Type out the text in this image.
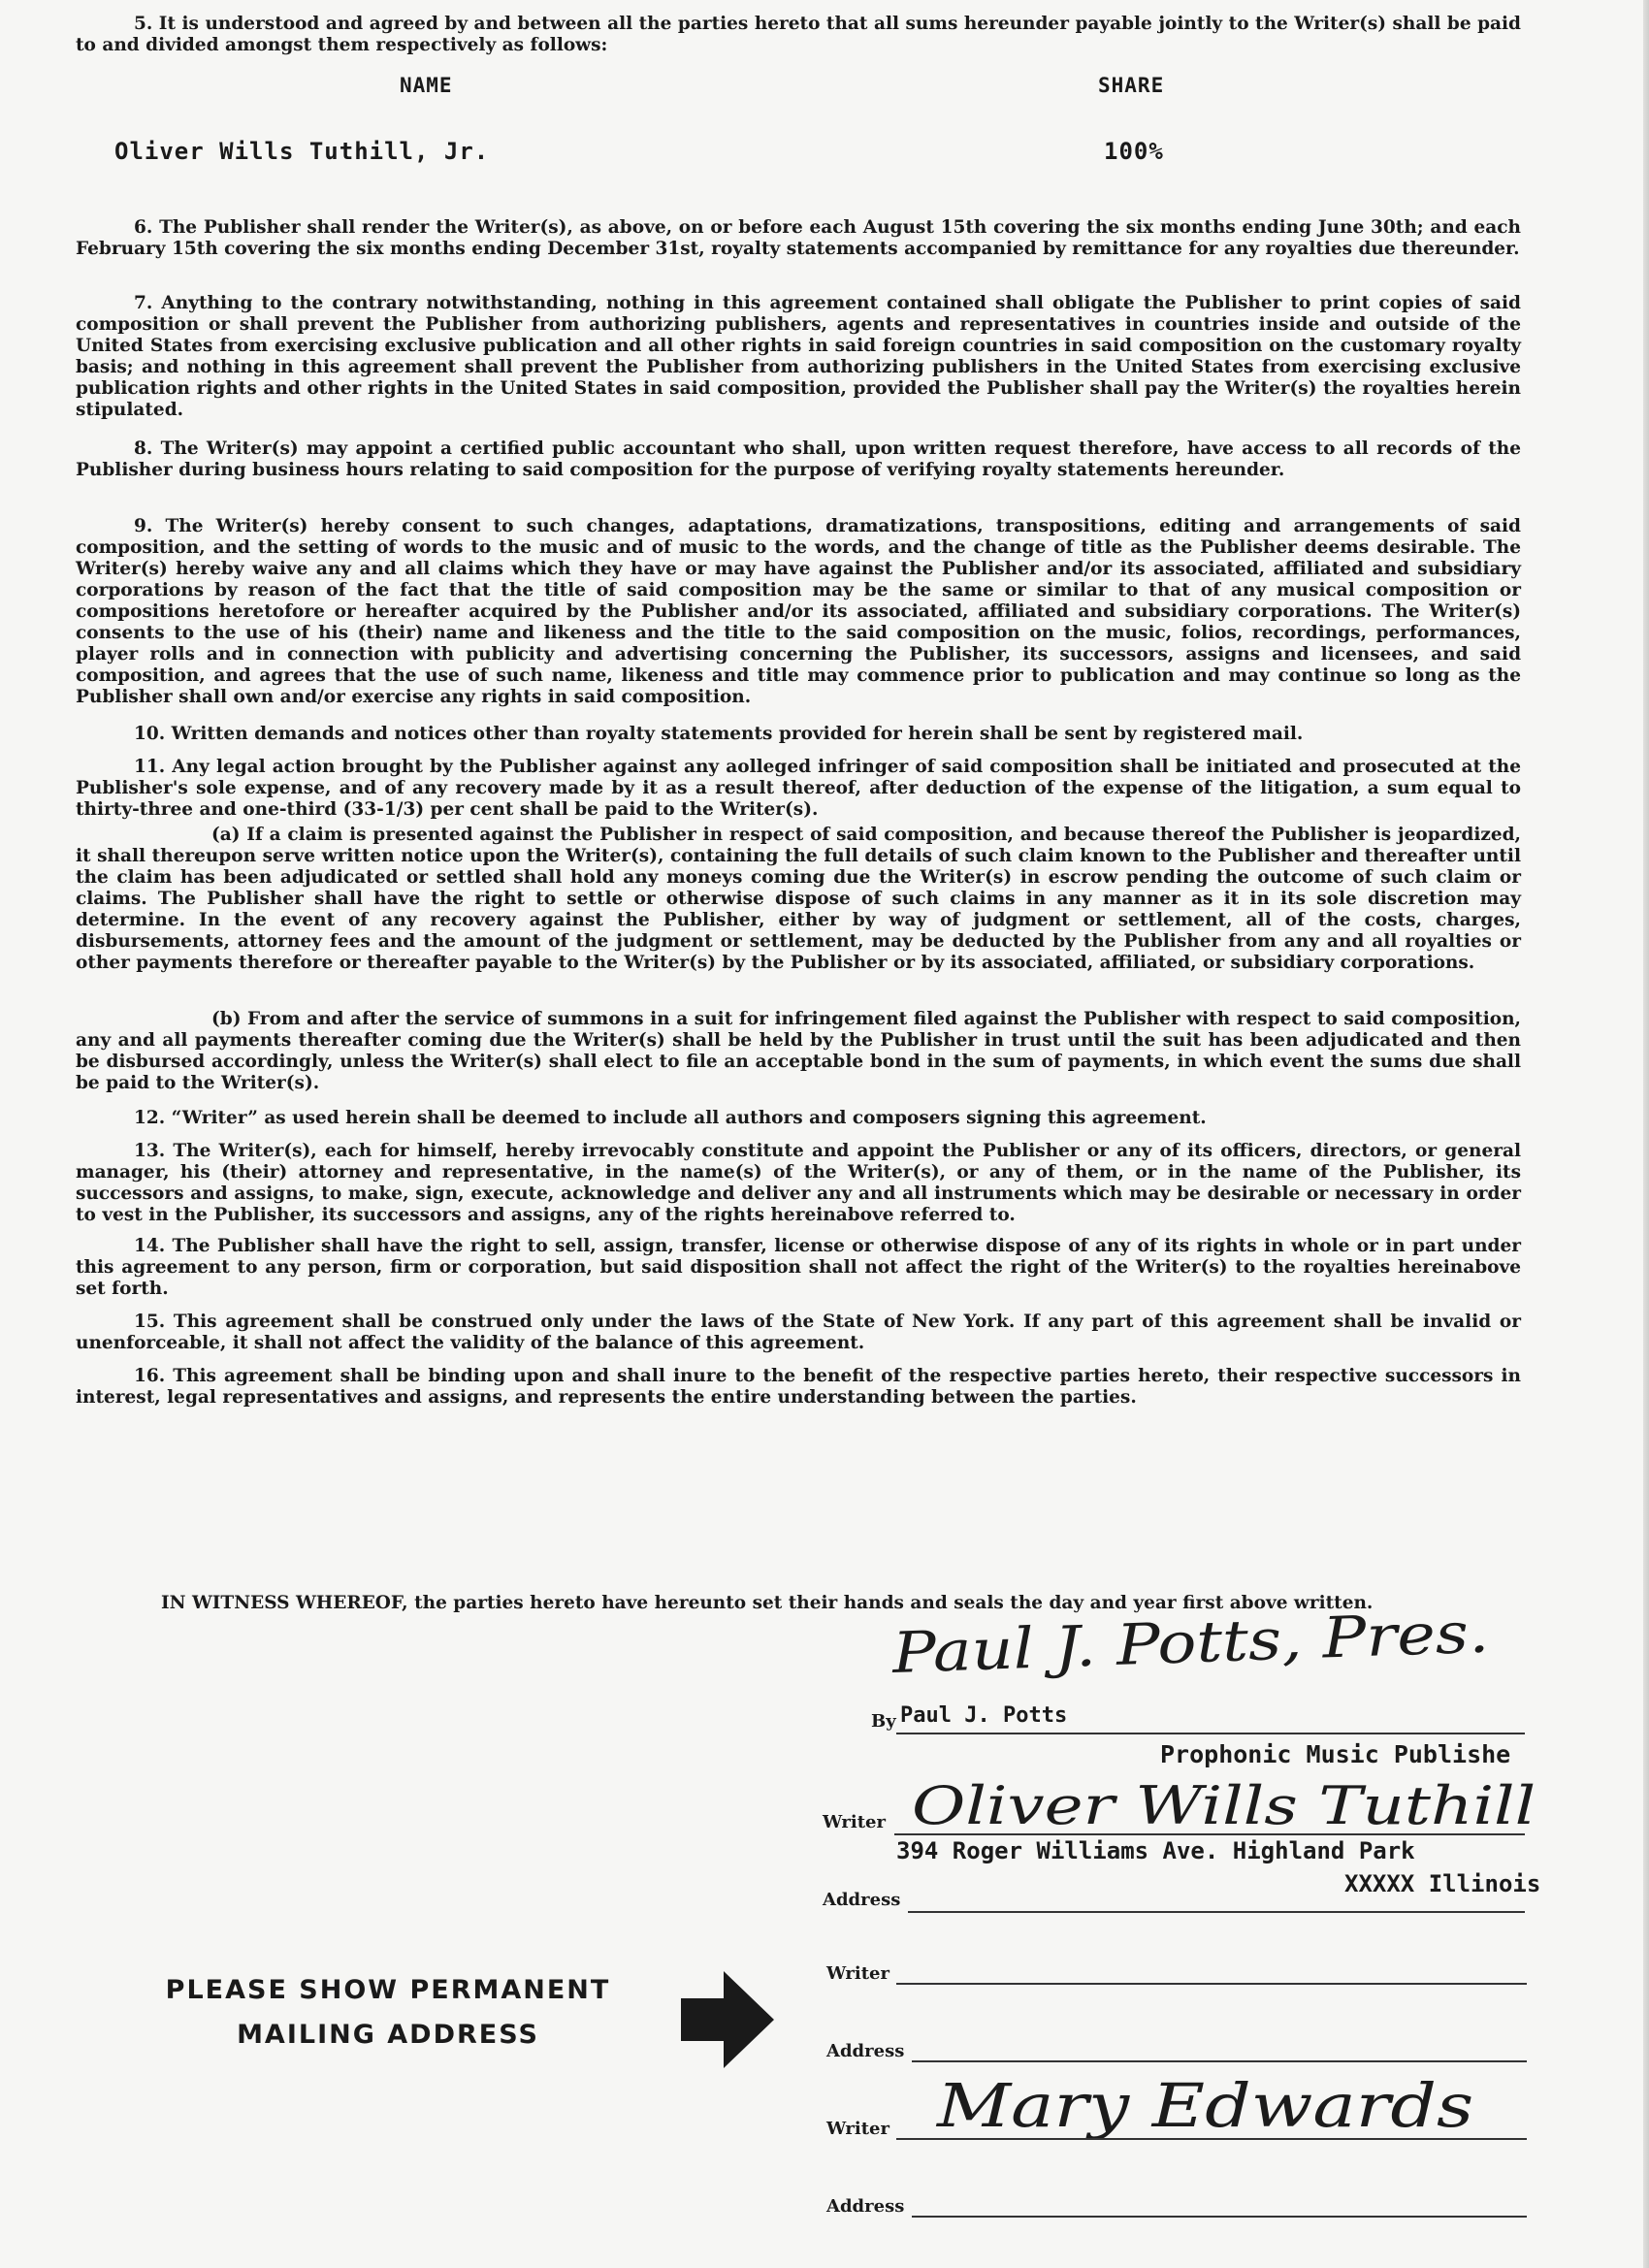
5. It is understood and agreed by and between all the parties hereto that all sums hereunder payable jointly to the Writer(s) shall be paid to and divided amongst them respectively as follows:

NAME	SHARE
Oliver Wills Tuthill, Jr.	100%

6. The Publisher shall render the Writer(s), as above, on or before each August 15th covering the six months ending June 30th; and each February 15th covering the six months ending December 31st, royalty statements accompanied by remittance for any royalties due thereunder.

7. Anything to the contrary notwithstanding, nothing in this agreement contained shall obligate the Publisher to print copies of said composition or shall prevent the Publisher from authorizing publishers, agents and representatives in countries inside and outside of the United States from exercising exclusive publication and all other rights in said foreign countries in said composition on the customary royalty basis; and nothing in this agreement shall prevent the Publisher from authorizing publishers in the United States from exercising exclusive publication rights and other rights in the United States in said composition, provided the Publisher shall pay the Writer(s) the royalties herein stipulated.

8. The Writer(s) may appoint a certified public accountant who shall, upon written request therefore, have access to all records of the Publisher during business hours relating to said composition for the purpose of verifying royalty statements hereunder.

9. The Writer(s) hereby consent to such changes, adaptations, dramatizations, transpositions, editing and arrangements of said composition, and the setting of words to the music and of music to the words, and the change of title as the Publisher deems desirable. The Writer(s) hereby waive any and all claims which they have or may have against the Publisher and/or its associated, affiliated and subsidiary corporations by reason of the fact that the title of said composition may be the same or similar to that of any musical composition or compositions heretofore or hereafter acquired by the Publisher and/or its associated, affiliated and subsidiary corporations. The Writer(s) consents to the use of his (their) name and likeness and the title to the said composition on the music, folios, recordings, performances, player rolls and in connection with publicity and advertising concerning the Publisher, its successors, assigns and licensees, and said composition, and agrees that the use of such name, likeness and title may commence prior to publication and may continue so long as the Publisher shall own and/or exercise any rights in said composition.

10. Written demands and notices other than royalty statements provided for herein shall be sent by registered mail.

11. Any legal action brought by the Publisher against any aolleged infringer of said composition shall be initiated and prosecuted at the Publisher's sole expense, and of any recovery made by it as a result thereof, after deduction of the expense of the litigation, a sum equal to thirty-three and one-third (33-1/3) per cent shall be paid to the Writer(s).

(a) If a claim is presented against the Publisher in respect of said composition, and because thereof the Publisher is jeopardized, it shall thereupon serve written notice upon the Writer(s), containing the full details of such claim known to the Publisher and thereafter until the claim has been adjudicated or settled shall hold any moneys coming due the Writer(s) in escrow pending the outcome of such claim or claims. The Publisher shall have the right to settle or otherwise dispose of such claims in any manner as it in its sole discretion may determine. In the event of any recovery against the Publisher, either by way of judgment or settlement, all of the costs, charges, disbursements, attorney fees and the amount of the judgment or settlement, may be deducted by the Publisher from any and all royalties or other payments therefore or thereafter payable to the Writer(s) by the Publisher or by its associated, affiliated, or subsidiary corporations.

(b) From and after the service of summons in a suit for infringement filed against the Publisher with respect to said composition, any and all payments thereafter coming due the Writer(s) shall be held by the Publisher in trust until the suit has been adjudicated and then be disbursed accordingly, unless the Writer(s) shall elect to file an acceptable bond in the sum of payments, in which event the sums due shall be paid to the Writer(s).

12. “Writer” as used herein shall be deemed to include all authors and composers signing this agreement.

13. The Writer(s), each for himself, hereby irrevocably constitute and appoint the Publisher or any of its officers, directors, or general manager, his (their) attorney and representative, in the name(s) of the Writer(s), or any of them, or in the name of the Publisher, its successors and assigns, to make, sign, execute, acknowledge and deliver any and all instruments which may be desirable or necessary in order to vest in the Publisher, its successors and assigns, any of the rights hereinabove referred to.

14. The Publisher shall have the right to sell, assign, transfer, license or otherwise dispose of any of its rights in whole or in part under this agreement to any person, firm or corporation, but said disposition shall not affect the right of the Writer(s) to the royalties hereinabove set forth.

15. This agreement shall be construed only under the laws of the State of New York. If any part of this agreement shall be invalid or unenforceable, it shall not affect the validity of the balance of this agreement.

16. This agreement shall be binding upon and shall inure to the benefit of the respective parties hereto, their respective successors in interest, legal representatives and assigns, and represents the entire understanding between the parties.

IN WITNESS WHEREOF, the parties hereto have hereunto set their hands and seals the day and year first above written.

Paul J. Potts, Pres.
By Paul J. Potts
Prophonic Music Publishe
Writer Oliver Wills Tuthill
394 Roger Williams Ave. Highland Park
XXXXX Illinois
Address
Writer
Address
Writer Mary Edwards
Address
PLEASE SHOW PERMANENT
MAILING ADDRESS
